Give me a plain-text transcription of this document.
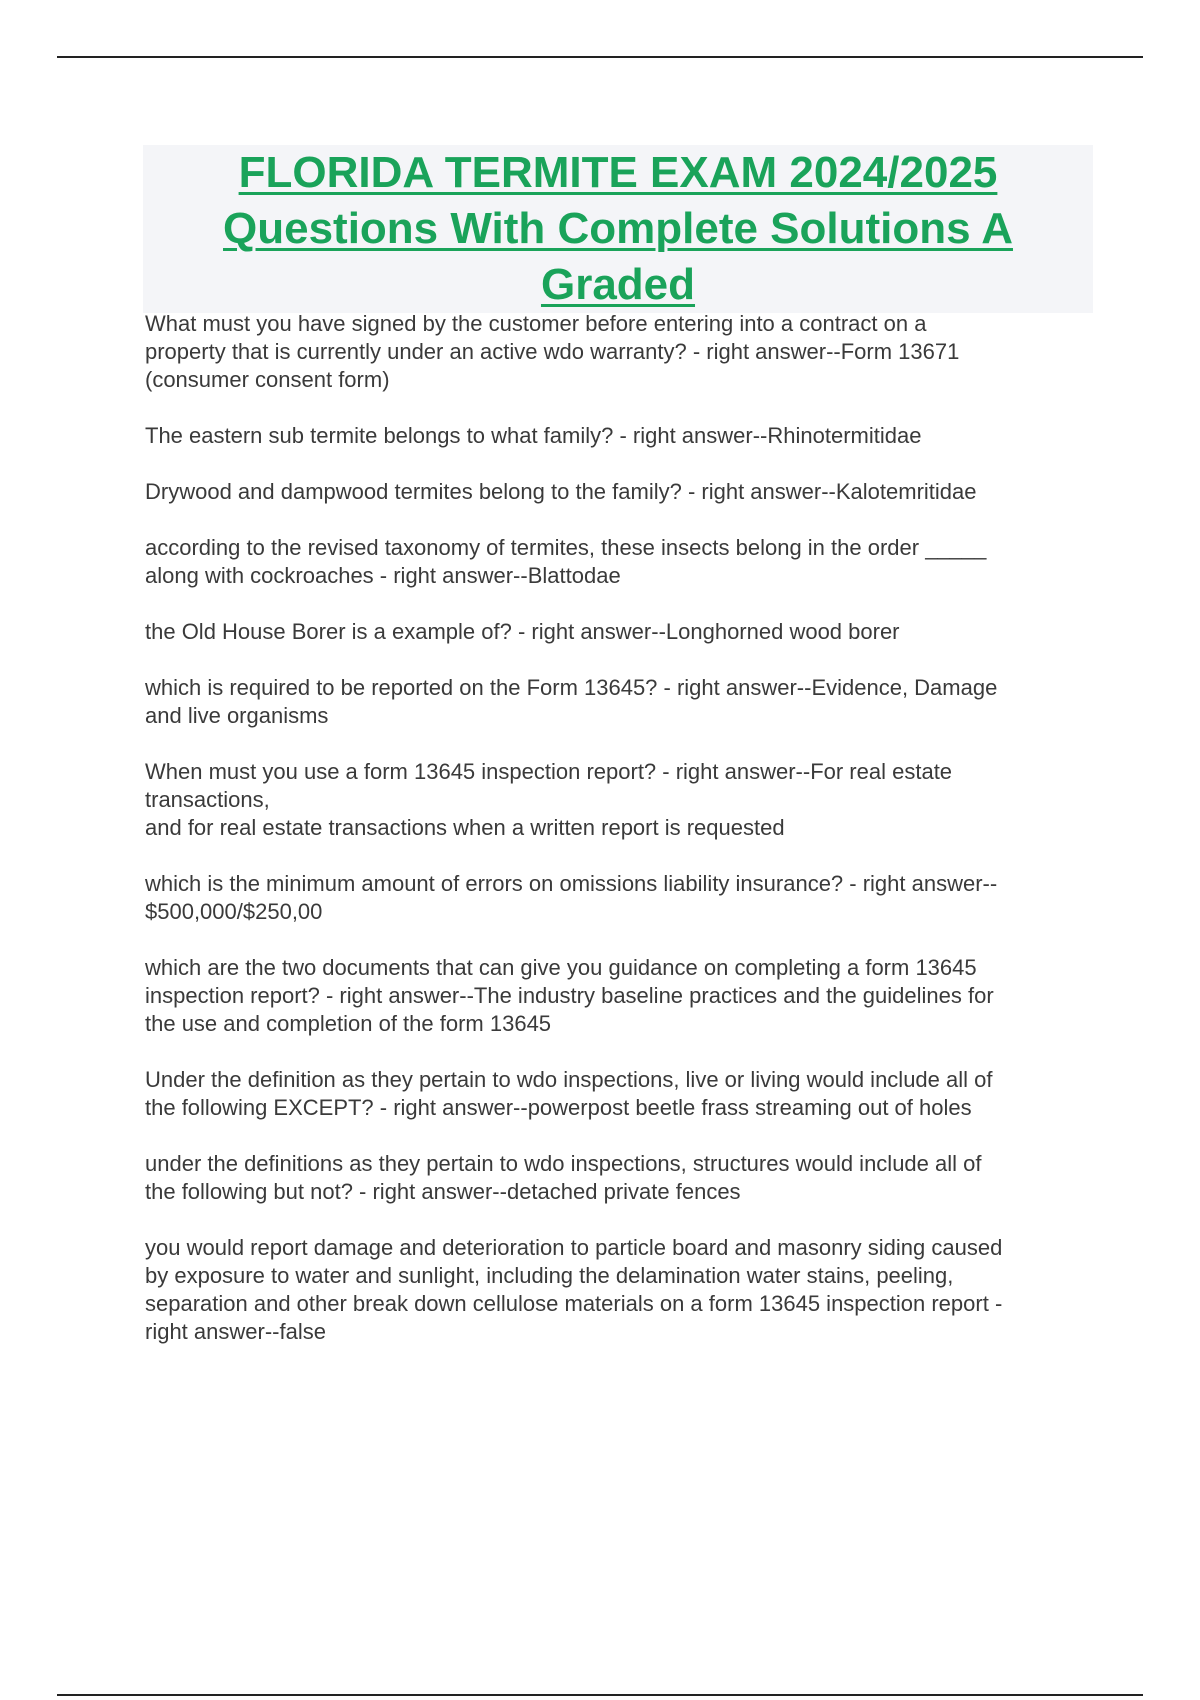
FLORIDA TERMITE EXAM 2024/2025
Questions With Complete Solutions A
Graded
What must you have signed by the customer before entering into a contract on a
property that is currently under an active wdo warranty? - right answer--Form 13671
(consumer consent form)
The eastern sub termite belongs to what family? - right answer--Rhinotermitidae
Drywood and dampwood termites belong to the family? - right answer--Kalotemritidae
according to the revised taxonomy of termites, these insects belong in the order _____
along with cockroaches - right answer--Blattodae
the Old House Borer is a example of? - right answer--Longhorned wood borer
which is required to be reported on the Form 13645? - right answer--Evidence, Damage
and live organisms
When must you use a form 13645 inspection report? - right answer--For real estate
transactions,
and for real estate transactions when a written report is requested
which is the minimum amount of errors on omissions liability insurance? - right answer--
$500,000/$250,00
which are the two documents that can give you guidance on completing a form 13645
inspection report? - right answer--The industry baseline practices and the guidelines for
the use and completion of the form 13645
Under the definition as they pertain to wdo inspections, live or living would include all of
the following EXCEPT? - right answer--powerpost beetle frass streaming out of holes
under the definitions as they pertain to wdo inspections, structures would include all of
the following but not? - right answer--detached private fences
you would report damage and deterioration to particle board and masonry siding caused
by exposure to water and sunlight, including the delamination water stains, peeling,
separation and other break down cellulose materials on a form 13645 inspection report -
right answer--false
